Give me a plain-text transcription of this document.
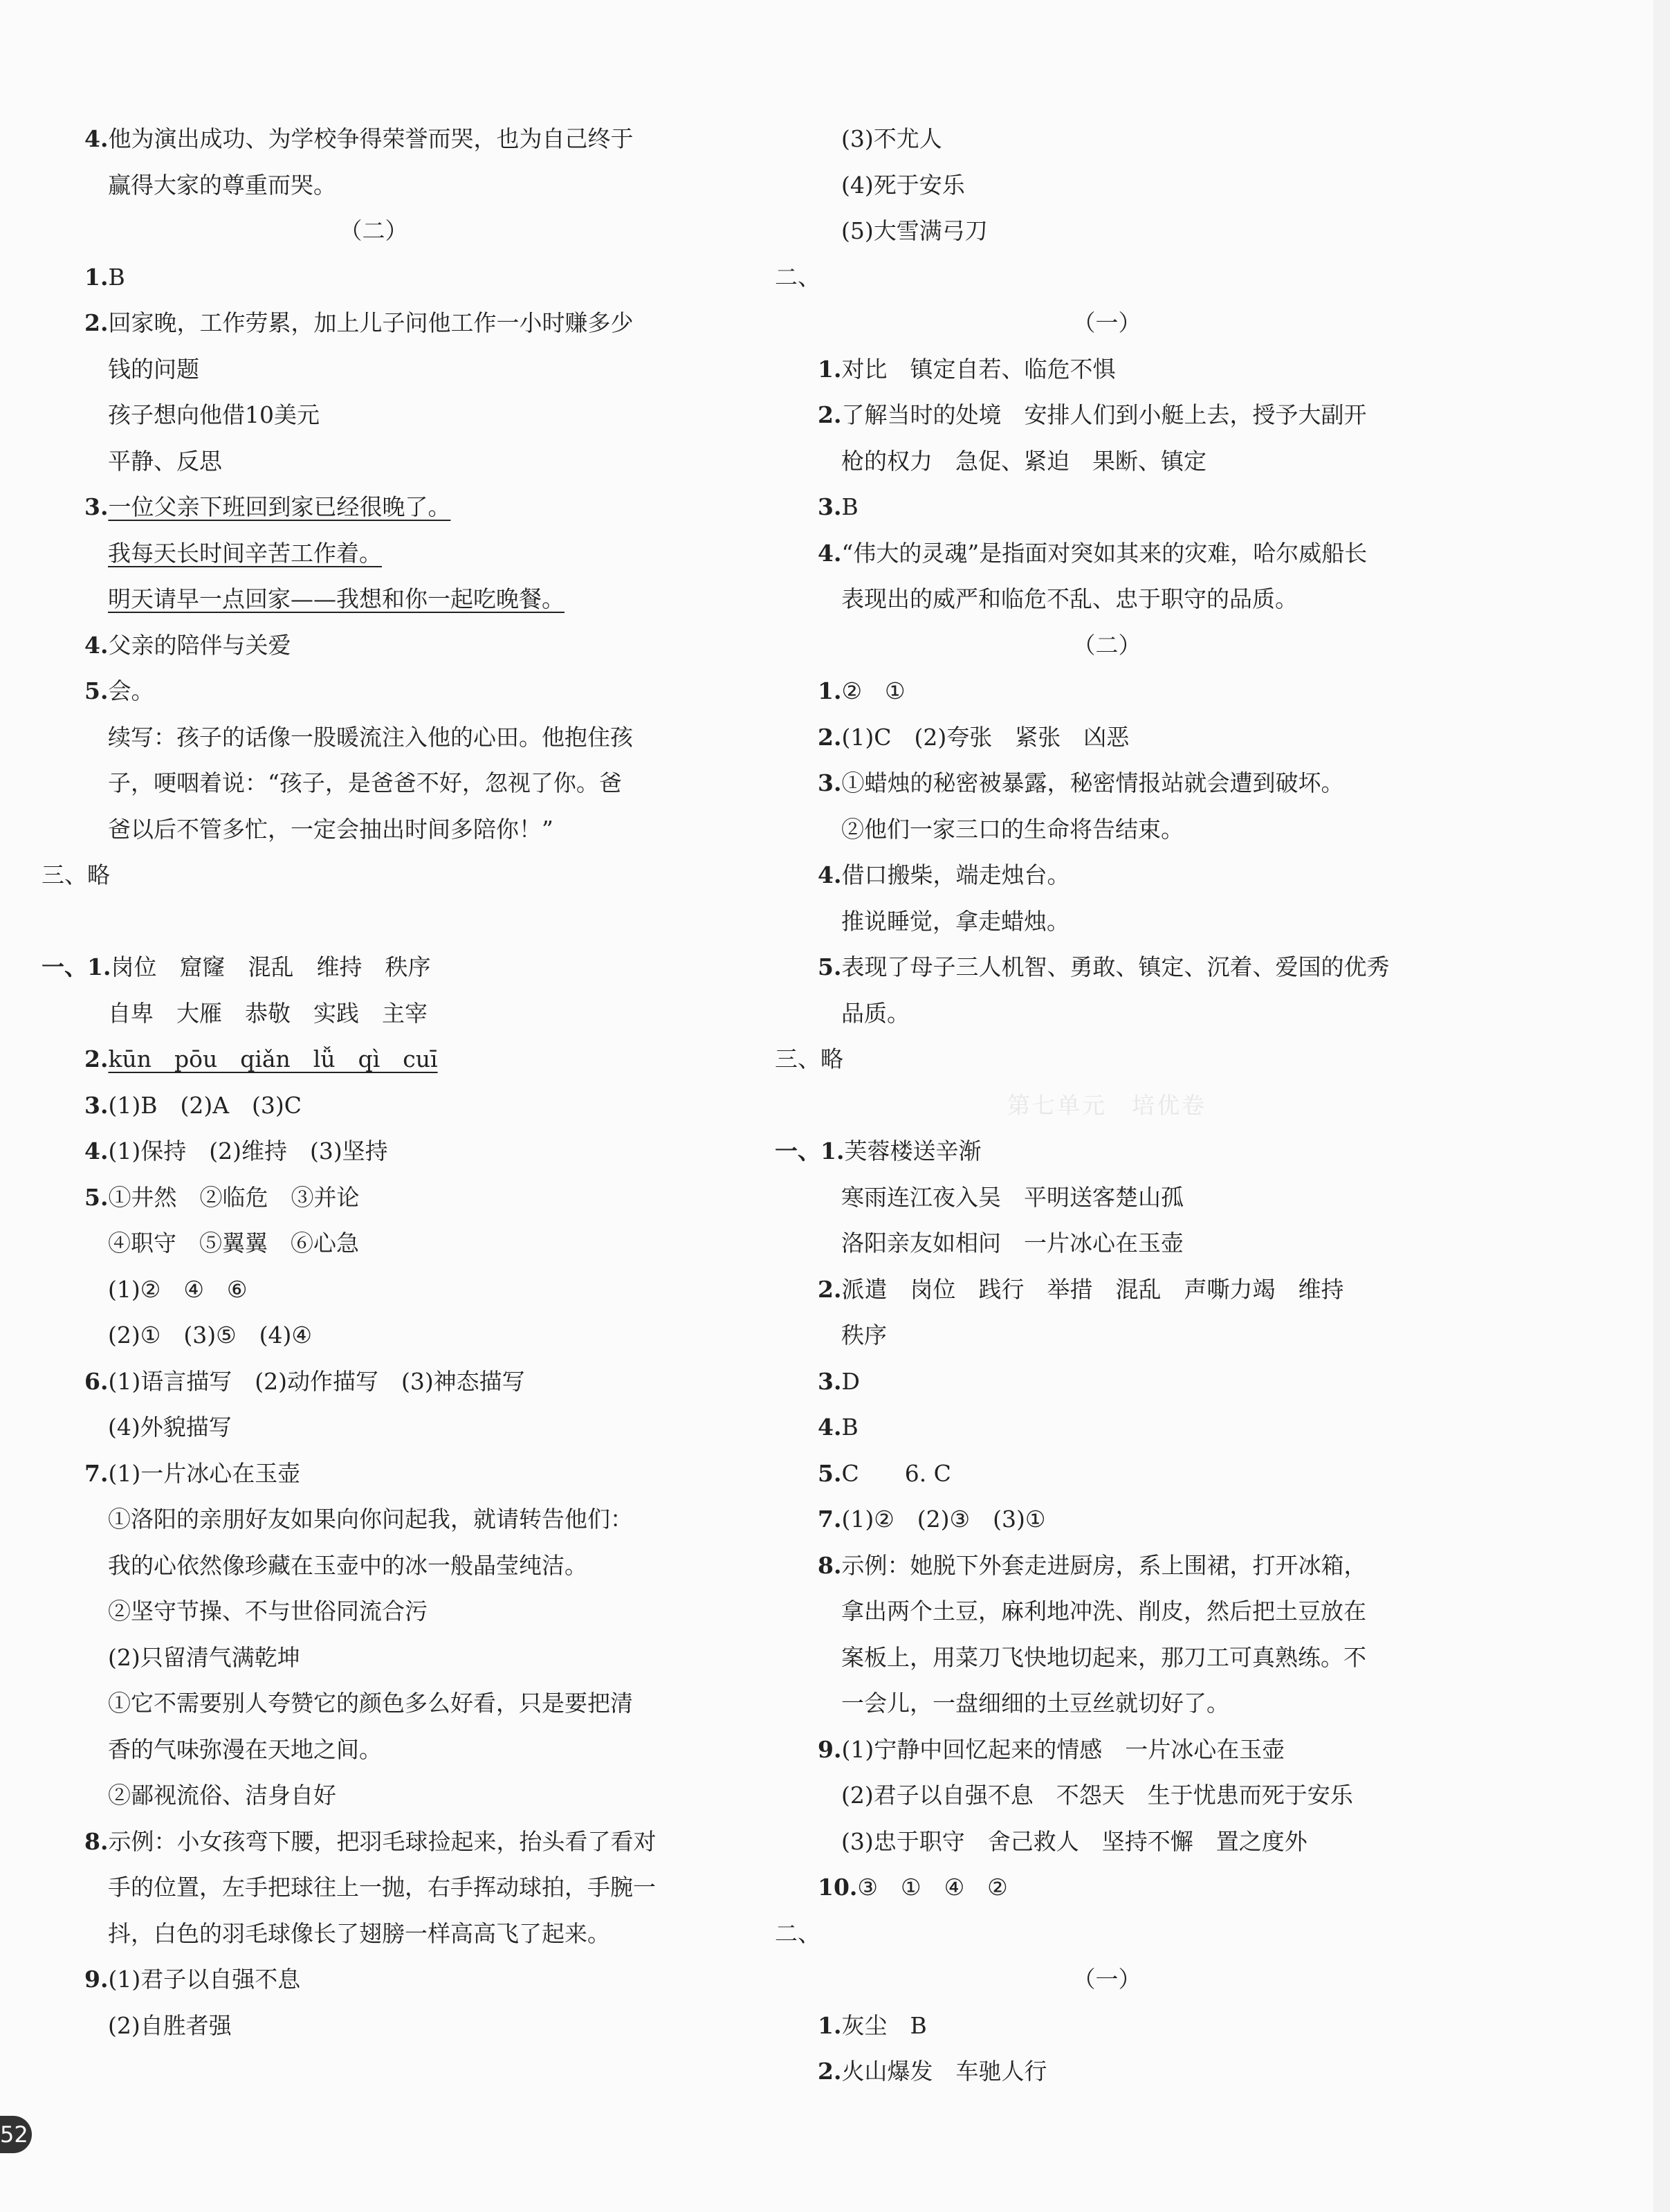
4.他为演出成功、为学校争得荣誉而哭，也为自己终于
赢得大家的尊重而哭。
（二）
1.B
2.回家晚，工作劳累，加上儿子问他工作一小时赚多少
钱的问题
孩子想向他借10美元
平静、反思
3.一位父亲下班回到家已经很晚了。
我每天长时间辛苦工作着。
明天请早一点回家——我想和你一起吃晚餐。
4.父亲的陪伴与关爱
5.会。
续写：孩子的话像一股暖流注入他的心田。他抱住孩
子，哽咽着说：“孩子，是爸爸不好，忽视了你。爸
爸以后不管多忙，一定会抽出时间多陪你！”
三、略
一、1.岗位　窟窿　混乱　维持　秩序
自卑　大雁　恭敬　实践　主宰
2.kūn　pōu　qiǎn　lǚ　qì　cuī
3.(1)B　(2)A　(3)C
4.(1)保持　(2)维持　(3)坚持
5.①井然　②临危　③并论
④职守　⑤翼翼　⑥心急
(1)②　④　⑥
(2)①　(3)⑤　(4)④
6.(1)语言描写　(2)动作描写　(3)神态描写
(4)外貌描写
7.(1)一片冰心在玉壶
①洛阳的亲朋好友如果向你问起我，就请转告他们：
我的心依然像珍藏在玉壶中的冰一般晶莹纯洁。
②坚守节操、不与世俗同流合污
(2)只留清气满乾坤
①它不需要别人夸赞它的颜色多么好看，只是要把清
香的气味弥漫在天地之间。
②鄙视流俗、洁身自好
8.示例：小女孩弯下腰，把羽毛球捡起来，抬头看了看对
手的位置，左手把球往上一抛，右手挥动球拍，手腕一
抖，白色的羽毛球像长了翅膀一样高高飞了起来。
9.(1)君子以自强不息
(2)自胜者强
(3)不尤人
(4)死于安乐
(5)大雪满弓刀
二、
（一）
1.对比　镇定自若、临危不惧
2.了解当时的处境　安排人们到小艇上去，授予大副开
枪的权力　急促、紧迫　果断、镇定
3.B
4.“伟大的灵魂”是指面对突如其来的灾难，哈尔威船长
表现出的威严和临危不乱、忠于职守的品质。
（二）
1.②　①
2.(1)C　(2)夸张　紧张　凶恶
3.①蜡烛的秘密被暴露，秘密情报站就会遭到破坏。
②他们一家三口的生命将告结束。
4.借口搬柴，端走烛台。
推说睡觉，拿走蜡烛。
5.表现了母子三人机智、勇敢、镇定、沉着、爱国的优秀
品质。
三、略
第七单元　培优卷
一、1.芙蓉楼送辛渐
寒雨连江夜入吴　平明送客楚山孤
洛阳亲友如相问　一片冰心在玉壶
2.派遣　岗位　践行　举措　混乱　声嘶力竭　维持
秩序
3.D
4.B
5.C　　6. C
7.(1)②　(2)③　(3)①
8.示例：她脱下外套走进厨房，系上围裙，打开冰箱，
拿出两个土豆，麻利地冲洗、削皮，然后把土豆放在
案板上，用菜刀飞快地切起来，那刀工可真熟练。不
一会儿，一盘细细的土豆丝就切好了。
9.(1)宁静中回忆起来的情感　一片冰心在玉壶
(2)君子以自强不息　不怨天　生于忧患而死于安乐
(3)忠于职守　舍己救人　坚持不懈　置之度外
10.③　①　④　②
二、
（一）
1.灰尘　B
2.火山爆发　车驰人行
52
